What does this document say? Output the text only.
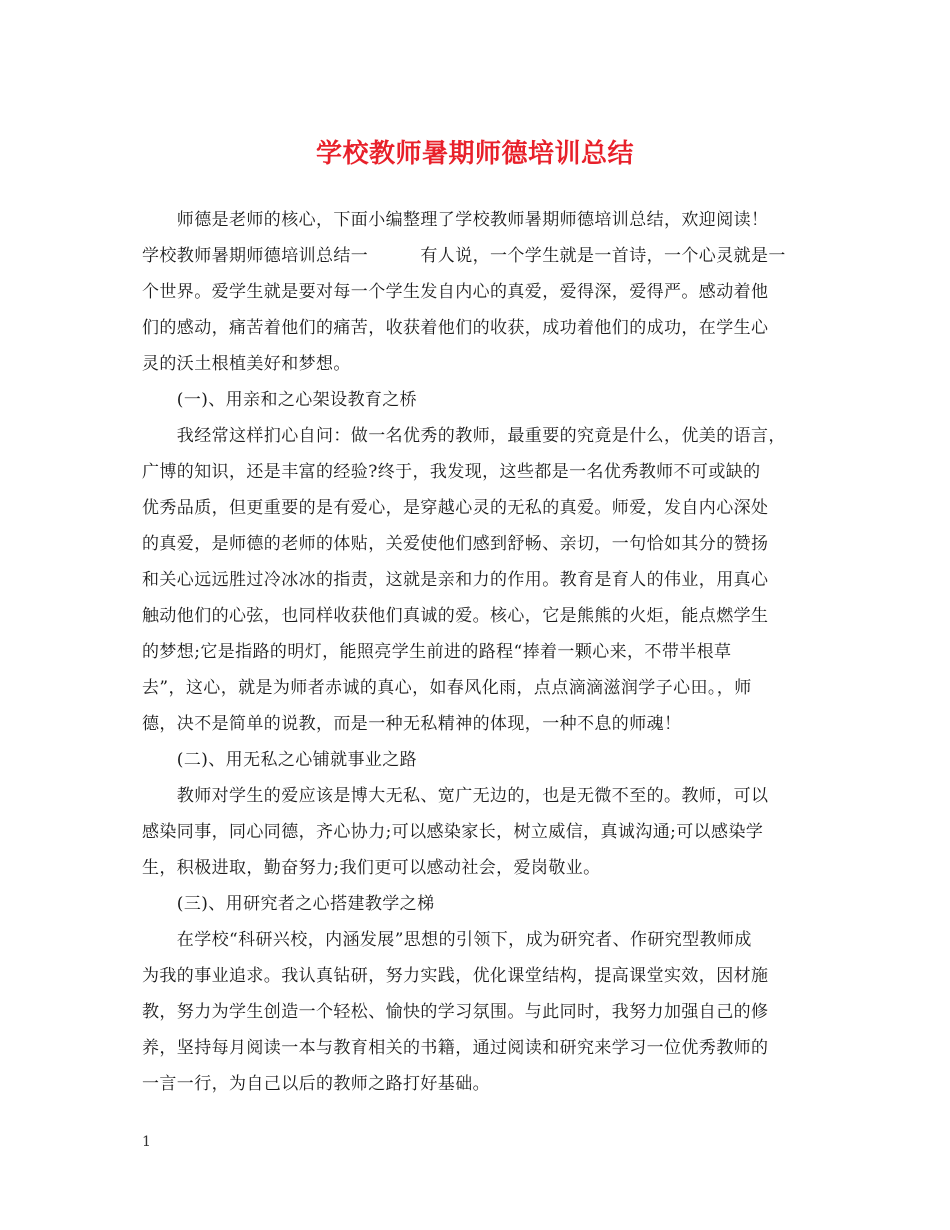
学校教师暑期师德培训总结
　　师德是老师的核心，下面小编整理了学校教师暑期师德培训总结，欢迎阅读！
学校教师暑期师德培训总结一　　　有人说，一个学生就是一首诗，一个心灵就是一
个世界。爱学生就是要对每一个学生发自内心的真爱，爱得深，爱得严。感动着他
们的感动，痛苦着他们的痛苦，收获着他们的收获，成功着他们的成功，在学生心
灵的沃土根植美好和梦想。
　　(一)、用亲和之心架设教育之桥
　　我经常这样扪心自问：做一名优秀的教师，最重要的究竟是什么，优美的语言，
广博的知识，还是丰富的经验?终于，我发现，这些都是一名优秀教师不可或缺的
优秀品质，但更重要的是有爱心，是穿越心灵的无私的真爱。师爱，发自内心深处
的真爱，是师德的老师的体贴，关爱使他们感到舒畅、亲切，一句恰如其分的赞扬
和关心远远胜过冷冰冰的指责，这就是亲和力的作用。教育是育人的伟业，用真心
触动他们的心弦，也同样收获他们真诚的爱。核心，它是熊熊的火炬，能点燃学生
的梦想;它是指路的明灯，能照亮学生前进的路程“捧着一颗心来，不带半根草
去”，这心，就是为师者赤诚的真心，如春风化雨，点点滴滴滋润学子心田。，师
德，决不是简单的说教，而是一种无私精神的体现，一种不息的师魂！
　　(二)、用无私之心铺就事业之路
　　教师对学生的爱应该是博大无私、宽广无边的，也是无微不至的。教师，可以
感染同事，同心同德，齐心协力;可以感染家长，树立威信，真诚沟通;可以感染学
生，积极进取，勤奋努力;我们更可以感动社会，爱岗敬业。
　　(三)、用研究者之心搭建教学之梯
　　在学校“科研兴校，内涵发展”思想的引领下，成为研究者、作研究型教师成
为我的事业追求。我认真钻研，努力实践，优化课堂结构，提高课堂实效，因材施
教，努力为学生创造一个轻松、愉快的学习氛围。与此同时，我努力加强自己的修
养，坚持每月阅读一本与教育相关的书籍，通过阅读和研究来学习一位优秀教师的
一言一行，为自己以后的教师之路打好基础。
1
